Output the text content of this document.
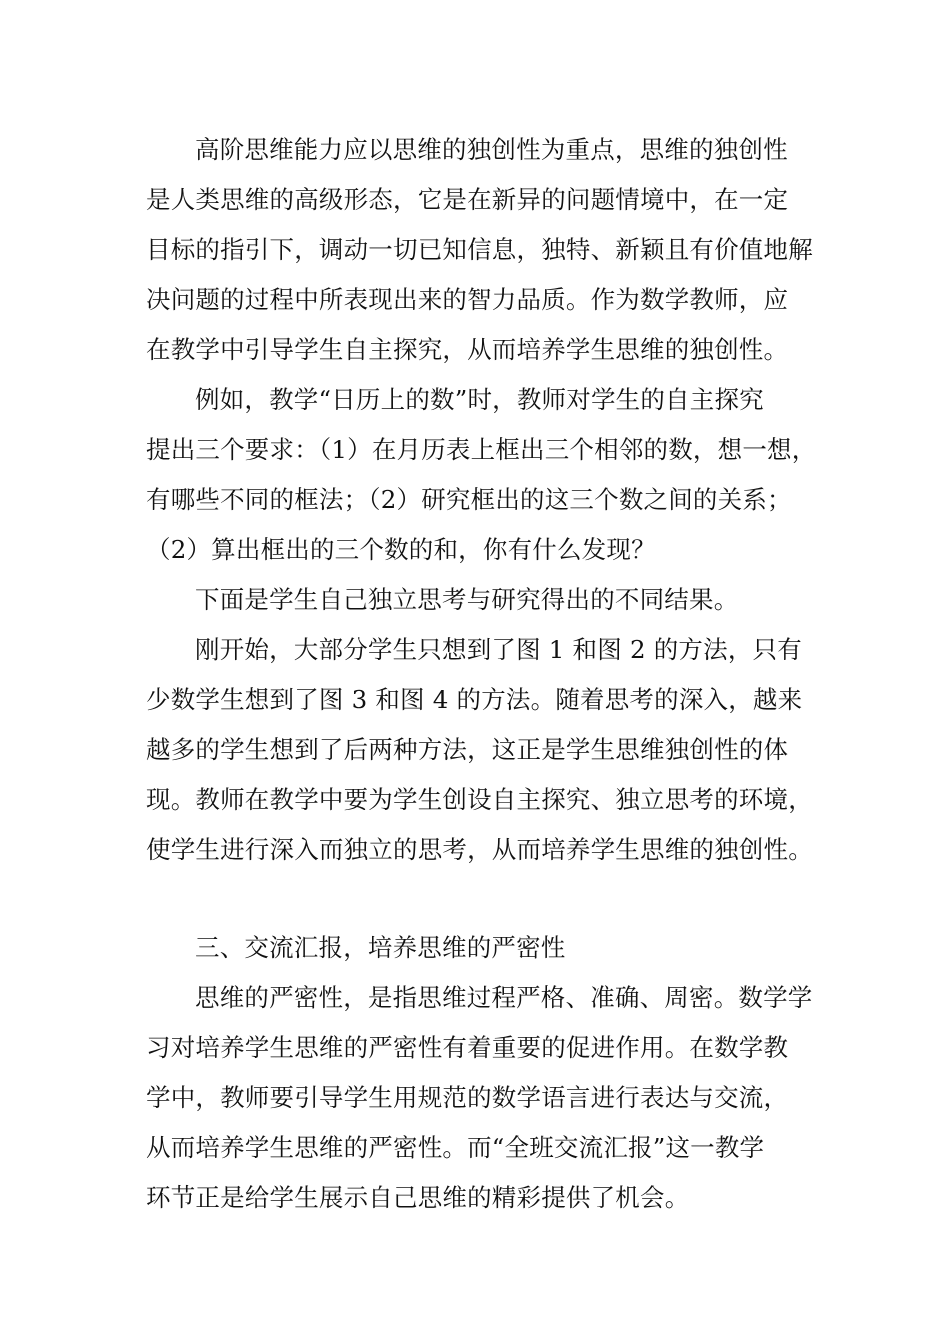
高阶思维能力应以思维的独创性为重点，思维的独创性
是人类思维的高级形态，它是在新异的问题情境中，在一定
目标的指引下，调动一切已知信息，独特、新颖且有价值地解
决问题的过程中所表现出来的智力品质。作为数学教师，应
在教学中引导学生自主探究，从而培养学生思维的独创性。
例如，教学“日历上的数”时，教师对学生的自主探究
提出三个要求：（1）在月历表上框出三个相邻的数，想一想，
有哪些不同的框法；（2）研究框出的这三个数之间的关系；
（2）算出框出的三个数的和，你有什么发现？
下面是学生自己独立思考与研究得出的不同结果。
刚开始，大部分学生只想到了图 1 和图 2 的方法，只有
少数学生想到了图 3 和图 4 的方法。随着思考的深入，越来
越多的学生想到了后两种方法，这正是学生思维独创性的体
现。教师在教学中要为学生创设自主探究、独立思考的环境，
使学生进行深入而独立的思考，从而培养学生思维的独创性。
三、交流汇报，培养思维的严密性
思维的严密性，是指思维过程严格、准确、周密。数学学
习对培养学生思维的严密性有着重要的促进作用。在数学教
学中，教师要引导学生用规范的数学语言进行表达与交流，
从而培养学生思维的严密性。而“全班交流汇报”这一教学
环节正是给学生展示自己思维的精彩提供了机会。
